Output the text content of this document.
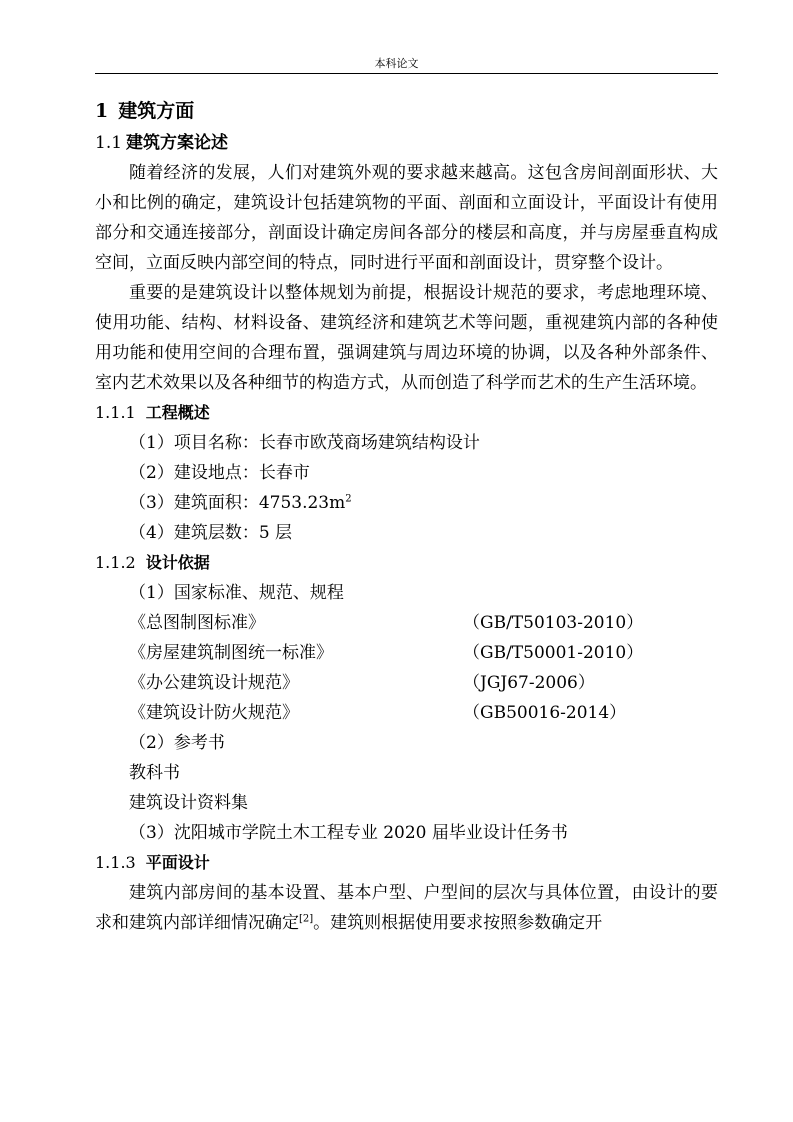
本科论文
1 建筑方面
1.1 建筑方案论述
随着经济的发展，人们对建筑外观的要求越来越高。这包含房间剖面形状、大小和比例的确定，建筑设计包括建筑物的平面、剖面和立面设计，平面设计有使用部分和交通连接部分，剖面设计确定房间各部分的楼层和高度，并与房屋垂直构成空间，立面反映内部空间的特点，同时进行平面和剖面设计，贯穿整个设计。
重要的是建筑设计以整体规划为前提，根据设计规范的要求，考虑地理环境、使用功能、结构、材料设备、建筑经济和建筑艺术等问题，重视建筑内部的各种使用功能和使用空间的合理布置，强调建筑与周边环境的协调，以及各种外部条件、室内艺术效果以及各种细节的构造方式，从而创造了科学而艺术的生产生活环境。
1.1.1 工程概述
（1）项目名称：长春市欧茂商场建筑结构设计
（2）建设地点：长春市
（3）建筑面积：$4753.23m^2$
（4）建筑层数：5 层
1.1.2 设计依据
（1）国家标准、规范、规程
《总图制图标准》	（GB/T50103-2010）
《房屋建筑制图统一标准》	（GB/T50001-2010）
《办公建筑设计规范》	（JGJ67-2006）
《建筑设计防火规范》	（GB50016-2014）
（2）参考书
教科书
建筑设计资料集
（3）沈阳城市学院土木工程专业 2020 届毕业设计任务书
1.1.3 平面设计
建筑内部房间的基本设置、基本户型、户型间的层次与具体位置，由设计的要求和建筑内部详细情况确定[2]。建筑则根据使用要求按照参数确定开
